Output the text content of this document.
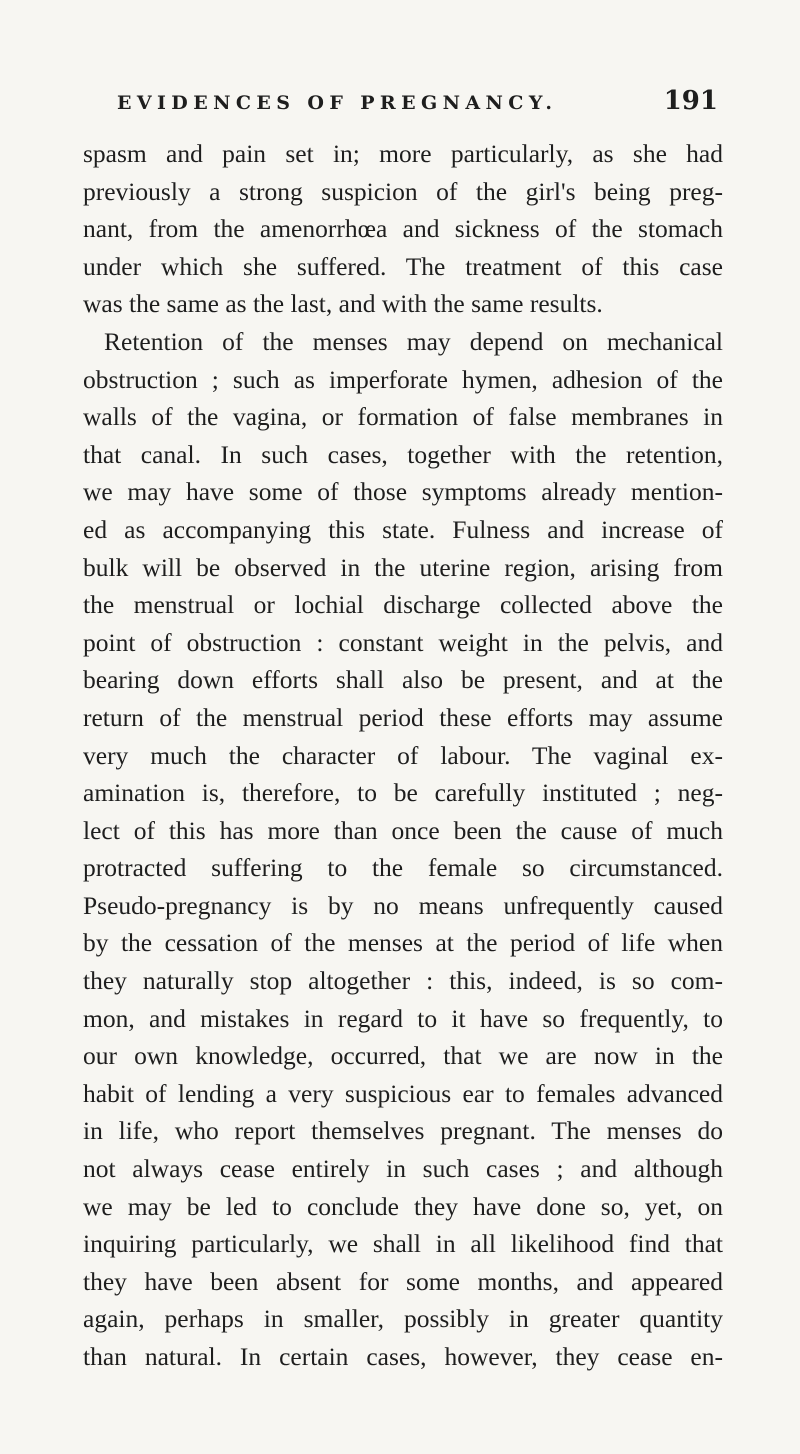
EVIDENCES OF PREGNANCY.	191
spasm and pain set in; more particularly, as she had
previously a strong suspicion of the girl's being preg-
nant, from the amenorrhœa and sickness of the stomach
under which she suffered. The treatment of this case
was the same as the last, and with the same results.
Retention of the menses may depend on mechanical
obstruction ; such as imperforate hymen, adhesion of the
walls of the vagina, or formation of false membranes in
that canal. In such cases, together with the retention,
we may have some of those symptoms already mention-
ed as accompanying this state. Fulness and increase of
bulk will be observed in the uterine region, arising from
the menstrual or lochial discharge collected above the
point of obstruction : constant weight in the pelvis, and
bearing down efforts shall also be present, and at the
return of the menstrual period these efforts may assume
very much the character of labour. The vaginal ex-
amination is, therefore, to be carefully instituted ; neg-
lect of this has more than once been the cause of much
protracted suffering to the female so circumstanced.
Pseudo-pregnancy is by no means unfrequently caused
by the cessation of the menses at the period of life when
they naturally stop altogether : this, indeed, is so com-
mon, and mistakes in regard to it have so frequently, to
our own knowledge, occurred, that we are now in the
habit of lending a very suspicious ear to females advanced
in life, who report themselves pregnant. The menses do
not always cease entirely in such cases ; and although
we may be led to conclude they have done so, yet, on
inquiring particularly, we shall in all likelihood find that
they have been absent for some months, and appeared
again, perhaps in smaller, possibly in greater quantity
than natural. In certain cases, however, they cease en-
